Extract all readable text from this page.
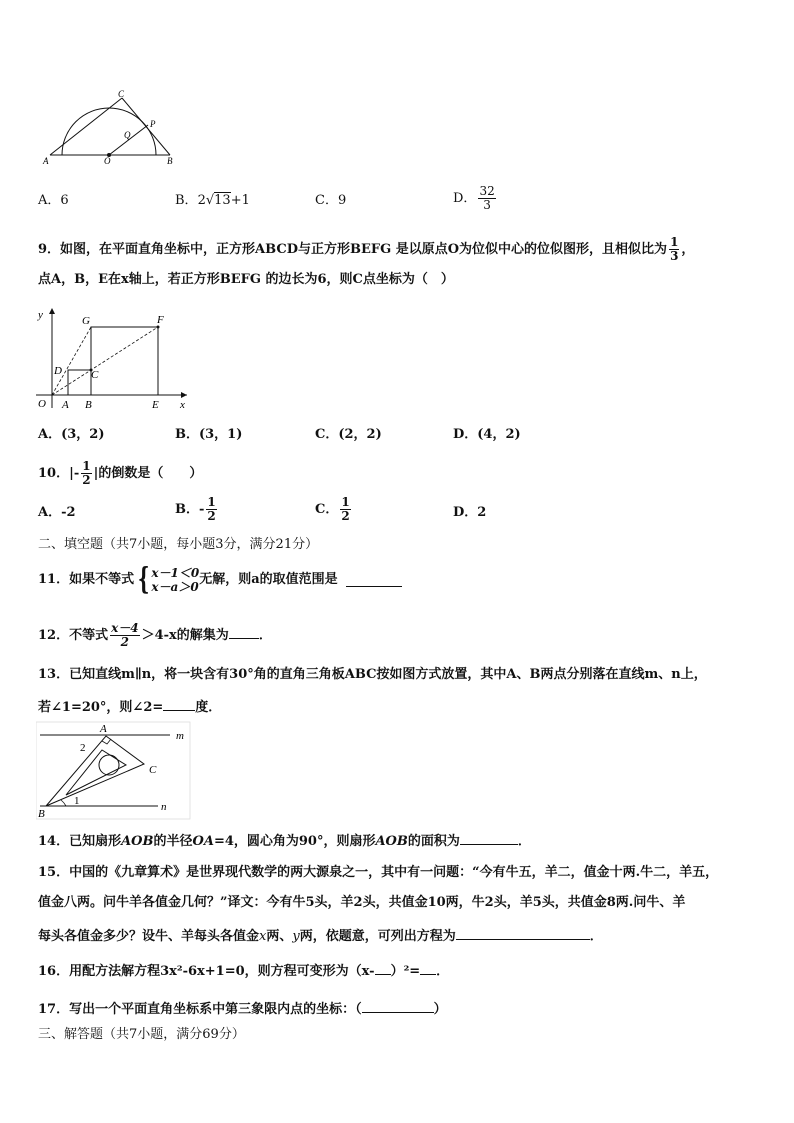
C
P
Q
A	O	B
A．6	B．2√13+1	C．9	D． $\frac{32}{3}$
9．如图，在平面直角坐标中，正方形ABCD与正方形BEFG 是以原点O为位似中心的位似图形，且相似比为 $\frac{1}{3}$ ，
点A，B，E在x轴上，若正方形BEFG 的边长为6，则C点坐标为（　）
y	G	F
D	C
O A B	E x
A．(3，2)	B．(3，1)	C．(2，2)	D．(4，2)
10．|- $\frac{1}{2}$ |的倒数是（　　）
A．-2	B．- $\frac{1}{2}$	C． $\frac{1}{2}$	D．2
二、填空题（共7小题，每小题3分，满分21分）
11．如果不等式 { x－1＜0
x－a＞0 无解，则a的取值范围是
12．不等式 $\frac{x-4}{2} >4-x$的解集为 ．
13．已知直线m∥n，将一块含有30°角的直角三角板ABC按如图方式放置，其中A、B两点分别落在直线m、n上，
若∠1=20°，则∠2= 度．
A
m
2
C
1
B
n
14．已知扇形AOB的半径OA=4，圆心角为90°，则扇形AOB的面积为	．
15．中国的《九章算术》是世界现代数学的两大源泉之一，其中有一问题：“今有牛五，羊二，值金十两.牛二，羊五，
值金八两。问牛羊各值金几何？”译文：今有牛5头，羊2头，共值金10两，牛2头，羊5头，共值金8两.问牛、羊
每头各值金多少？设牛、羊每头各值金x两、y两，依题意，可列出方程为	．
16．用配方法解方程3x²-6x+1=0，则方程可变形为（x- ）²= ．
17．写出一个平面直角坐标系中第三象限内点的坐标：（	）
三、解答题（共7小题，满分69分）
